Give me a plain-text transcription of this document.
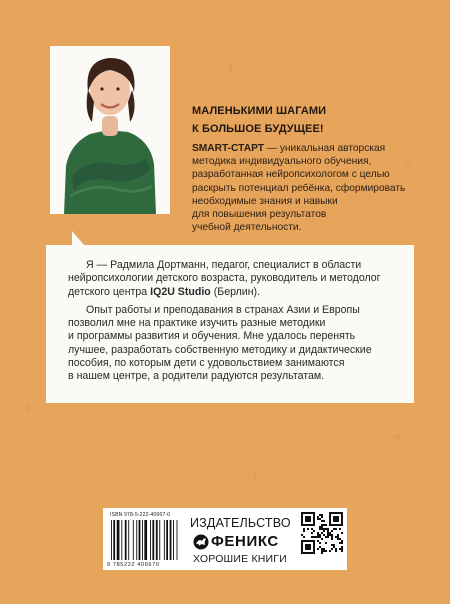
♡
☾
♡
♡
♡
♡
☾
✧
♡
♡
☾
♡
♡
МАЛЕНЬКИМИ ШАГАМИ
К БОЛЬШОЕ БУДУЩЕЕ!

SMART-СТАРТ — уникальная авторская

методика индивидуального обучения,

разработанная нейропсихологом с целью

раскрыть потенциал ребёнка, сформировать

необходимые знания и навыки

для повышения результатов

учебной деятельности.

Я — Радмила Дортманн, педагог, специалист в области
нейропсихологии детского возраста, руководитель и методолог
детского центра IQ2U Studio (Берлин).

Опыт работы и преподавания в странах Азии и Европы
позволил мне на практике изучить разные методики
и программы развития и обучения. Мне удалось перенять
лучшее, разработать собственную методику и дидактические
пособия, по которым дети с удовольствием занимаются
в нашем центре, а родители радуются результатам.

ISBN 978-5-222-40667-0
9 785222 406670
ИЗДАТЕЛЬСТВО
ФЕНИКС
ХОРОШИЕ КНИГИ
